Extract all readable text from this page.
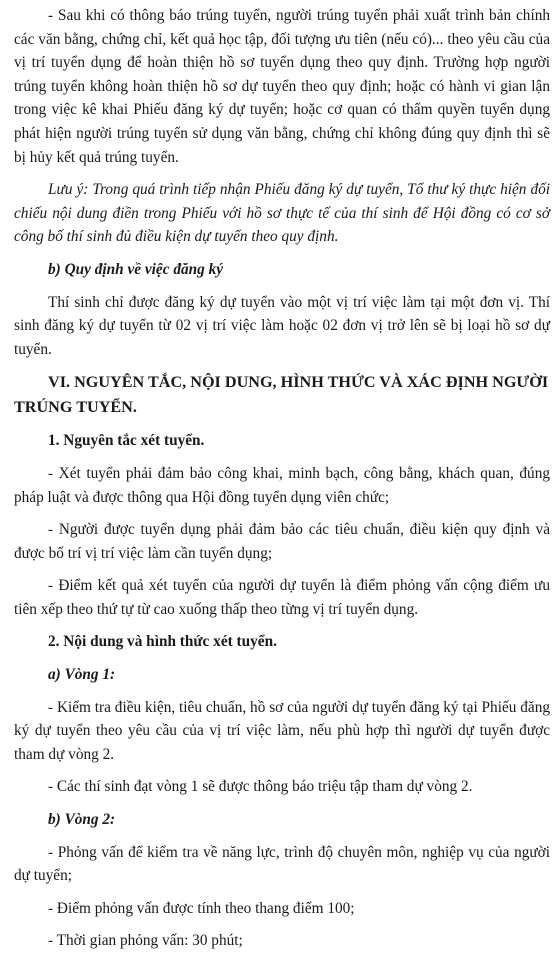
- Sau khi có thông báo trúng tuyển, người trúng tuyển phải xuất trình bản chính các văn bằng, chứng chỉ, kết quả học tập, đối tượng ưu tiên (nếu có)... theo yêu cầu của vị trí tuyển dụng để hoàn thiện hồ sơ tuyển dụng theo quy định. Trường hợp người trúng tuyển không hoàn thiện hồ sơ dự tuyển theo quy định; hoặc có hành vi gian lận trong việc kê khai Phiếu đăng ký dự tuyển; hoặc cơ quan có thẩm quyền tuyển dụng phát hiện người trúng tuyển sử dụng văn bằng, chứng chỉ không đúng quy định thì sẽ bị hủy kết quả trúng tuyển.

Lưu ý: Trong quá trình tiếp nhận Phiếu đăng ký dự tuyển, Tổ thư ký thực hiện đối chiếu nội dung điền trong Phiếu với hồ sơ thực tế của thí sinh để Hội đồng có cơ sở công bố thí sinh đủ điều kiện dự tuyển theo quy định.

b) Quy định về việc đăng ký

Thí sinh chỉ được đăng ký dự tuyển vào một vị trí việc làm tại một đơn vị. Thí sinh đăng ký dự tuyển từ 02 vị trí việc làm hoặc 02 đơn vị trở lên sẽ bị loại hồ sơ dự tuyển.

VI. NGUYÊN TẮC, NỘI DUNG, HÌNH THỨC VÀ XÁC ĐỊNH NGƯỜI TRÚNG TUYỂN.

1. Nguyên tắc xét tuyển.

- Xét tuyển phải đảm bảo công khai, minh bạch, công bằng, khách quan, đúng pháp luật và được thông qua Hội đồng tuyển dụng viên chức;

- Người được tuyển dụng phải đảm bảo các tiêu chuẩn, điều kiện quy định và được bố trí vị trí việc làm cần tuyển dụng;

- Điểm kết quả xét tuyển của người dự tuyển là điểm phỏng vấn cộng điểm ưu tiên xếp theo thứ tự từ cao xuống thấp theo từng vị trí tuyển dụng.

2. Nội dung và hình thức xét tuyển.

a) Vòng 1:

- Kiểm tra điều kiện, tiêu chuẩn, hồ sơ của người dự tuyển đăng ký tại Phiếu đăng ký dự tuyển theo yêu cầu của vị trí việc làm, nếu phù hợp thì người dự tuyển được tham dự vòng 2.

- Các thí sinh đạt vòng 1 sẽ được thông báo triệu tập tham dự vòng 2.

b) Vòng 2:

- Phỏng vấn để kiểm tra về năng lực, trình độ chuyên môn, nghiệp vụ của người dự tuyển;

- Điểm phỏng vấn được tính theo thang điểm 100;

- Thời gian phỏng vấn: 30 phút;
